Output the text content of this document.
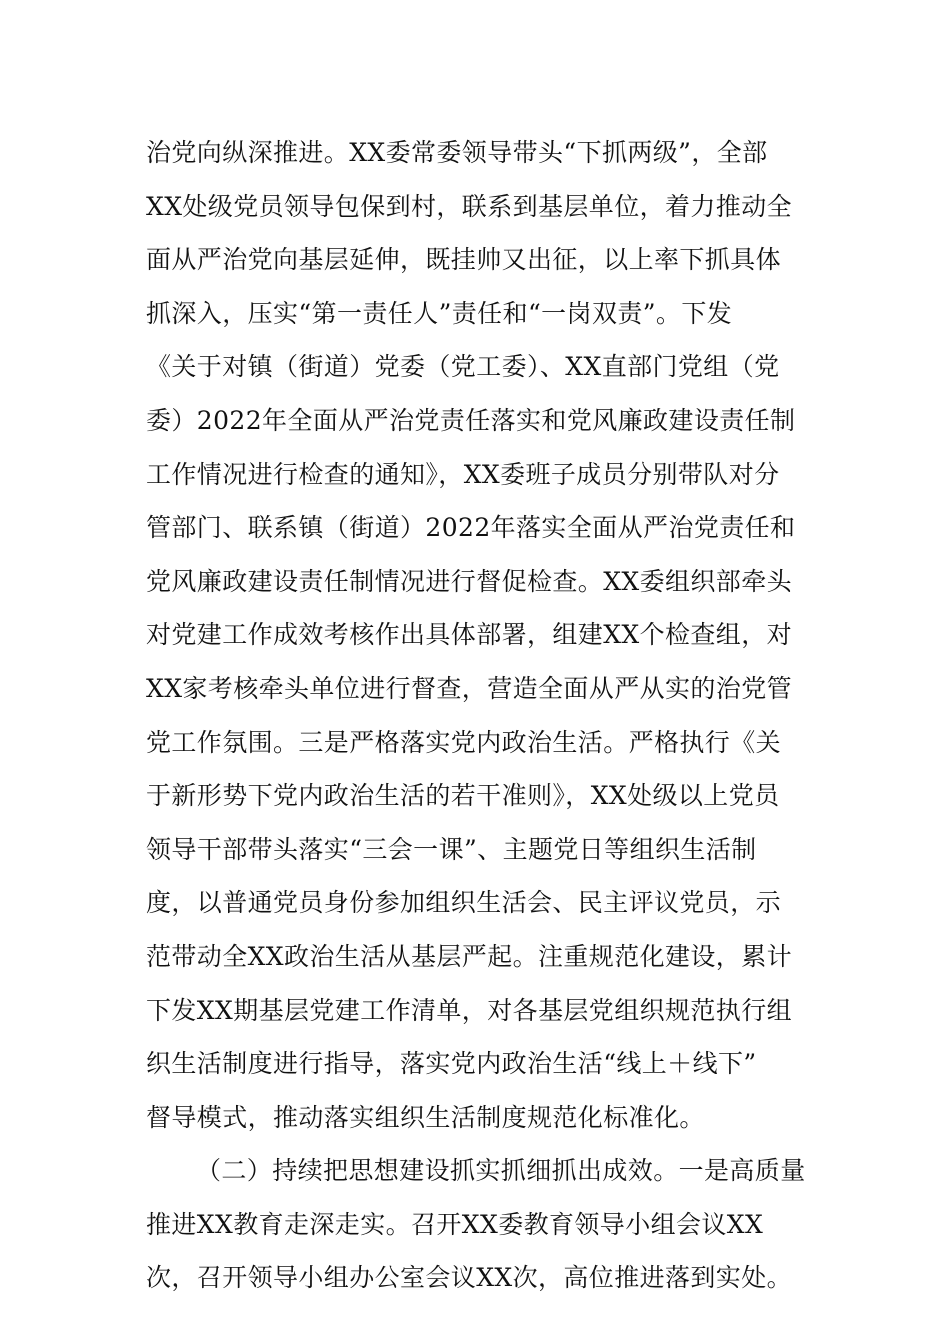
治党向纵深推进。XX委常委领导带头“下抓两级”，全部
XX处级党员领导包保到村，联系到基层单位，着力推动全
面从严治党向基层延伸，既挂帅又出征，以上率下抓具体
抓深入，压实“第一责任人”责任和“一岗双责”。下发
《关于对镇（街道）党委（党工委）、XX直部门党组（党
委）2022年全面从严治党责任落实和党风廉政建设责任制
工作情况进行检查的通知》，XX委班子成员分别带队对分
管部门、联系镇（街道）2022年落实全面从严治党责任和
党风廉政建设责任制情况进行督促检查。XX委组织部牵头
对党建工作成效考核作出具体部署，组建XX个检查组，对
XX家考核牵头单位进行督查，营造全面从严从实的治党管
党工作氛围。三是严格落实党内政治生活。严格执行《关
于新形势下党内政治生活的若干准则》，XX处级以上党员
领导干部带头落实“三会一课”、主题党日等组织生活制
度，以普通党员身份参加组织生活会、民主评议党员，示
范带动全XX政治生活从基层严起。注重规范化建设，累计
下发XX期基层党建工作清单，对各基层党组织规范执行组
织生活制度进行指导，落实党内政治生活“线上＋线下”
督导模式，推动落实组织生活制度规范化标准化。
（二）持续把思想建设抓实抓细抓出成效。一是高质量
推进XX教育走深走实。召开XX委教育领导小组会议XX
次，召开领导小组办公室会议XX次，高位推进落到实处。
